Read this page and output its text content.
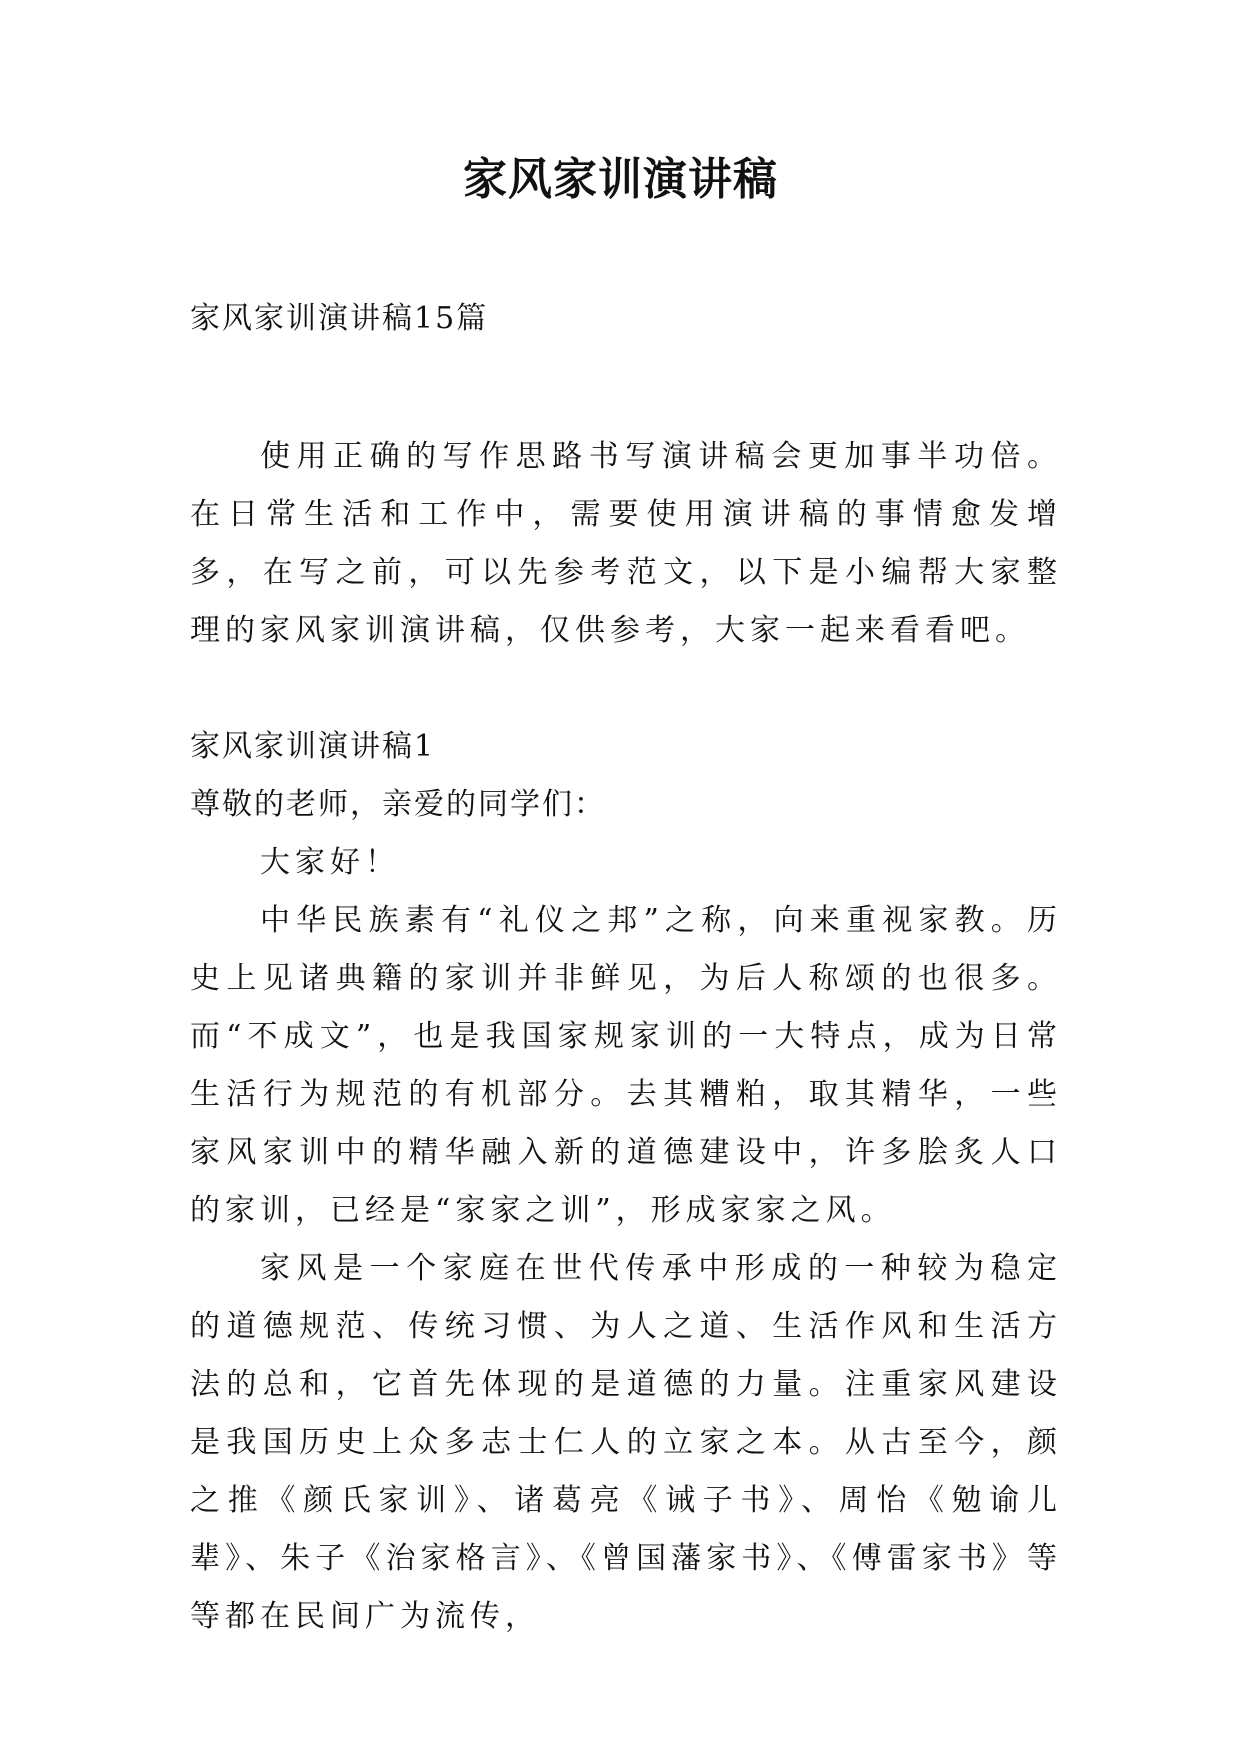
家风家训演讲稿

家风家训演讲稿15篇

使用正确的写作思路书写演讲稿会更加事半功倍。在日常生活和工作中，需要使用演讲稿的事情愈发增多，在写之前，可以先参考范文，以下是小编帮大家整理的家风家训演讲稿，仅供参考，大家一起来看看吧。

家风家训演讲稿1

尊敬的老师，亲爱的同学们：

大家好！

中华民族素有“礼仪之邦”之称，向来重视家教。历史上见诸典籍的家训并非鲜见，为后人称颂的也很多。而“不成文”，也是我国家规家训的一大特点，成为日常生活行为规范的有机部分。去其糟粕，取其精华，一些家风家训中的精华融入新的道德建设中，许多脍炙人口的家训，已经是“家家之训”，形成家家之风。

家风是一个家庭在世代传承中形成的一种较为稳定的道德规范、传统习惯、为人之道、生活作风和生活方法的总和，它首先体现的是道德的力量。注重家风建设是我国历史上众多志士仁人的立家之本。从古至今，颜之推《颜氏家训》、诸葛亮《诫子书》、周怡《勉谕儿辈》、朱子《治家格言》、《曾国藩家书》、《傅雷家书》等等都在民间广为流传，
